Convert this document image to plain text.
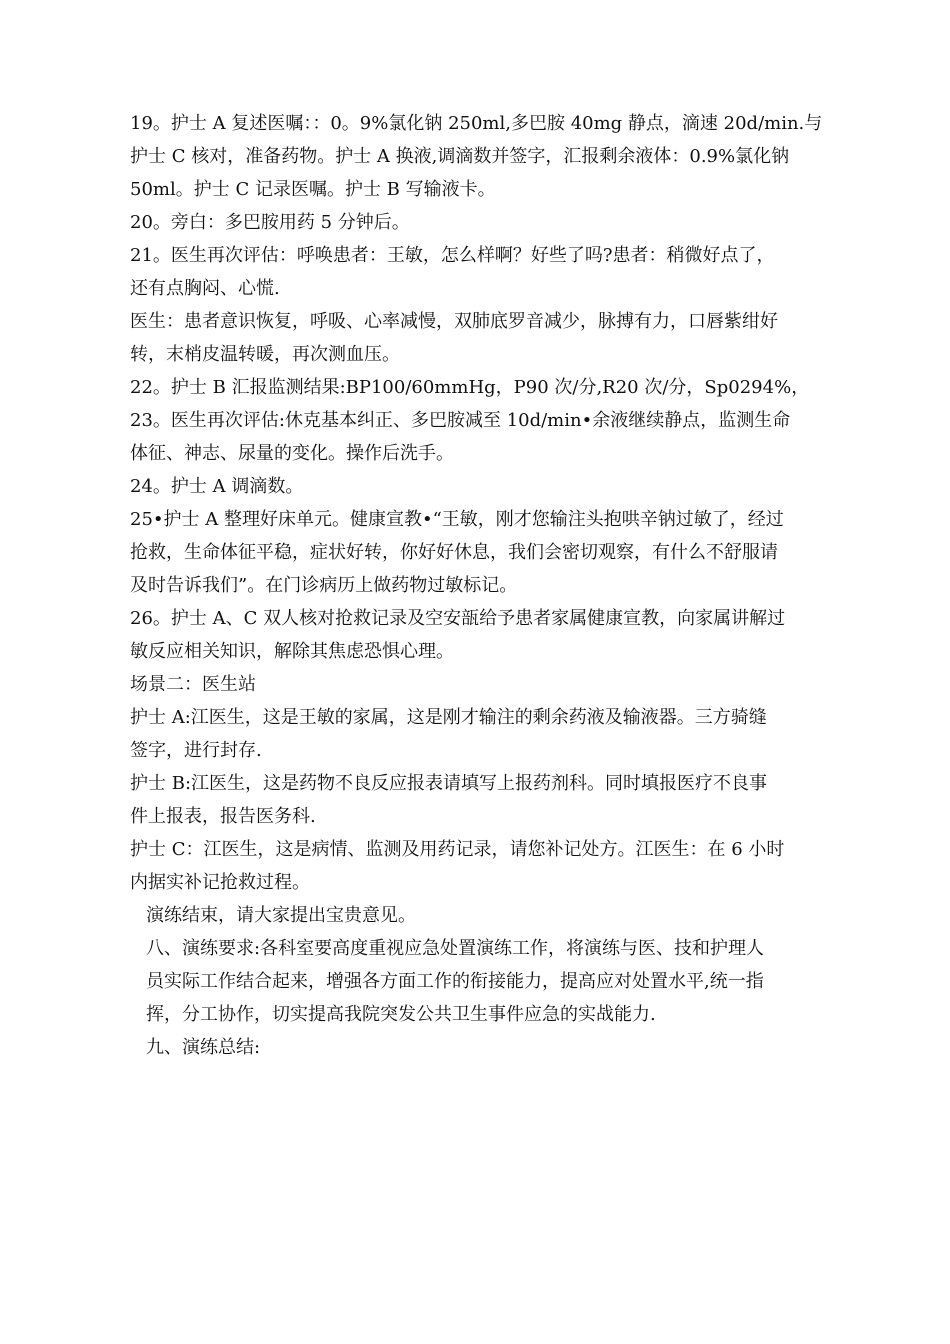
19。护士 A 复述医嘱：：0。9%氯化钠 250ml,多巴胺 40mg 静点，滴速 20d/min.与
护士 C 核对，准备药物。护士 A 换液,调滴数并签字，汇报剩余液体：0.9%氯化钠
50ml。护士 C 记录医嘱。护士 B 写输液卡。
20。旁白：多巴胺用药 5 分钟后。
21。医生再次评估：呼唤患者：王敏，怎么样啊？好些了吗?患者：稍微好点了，
还有点胸闷、心慌.
医生：患者意识恢复，呼吸、心率减慢，双肺底罗音减少，脉搏有力，口唇紫绀好
转，末梢皮温转暖，再次测血压。
22。护士 B 汇报监测结果:BP100/60mmHg，P90 次/分,R20 次/分，Sp0294%，
23。医生再次评估:休克基本纠正、多巴胺减至 10d/min•余液继续静点，监测生命
体征、神志、尿量的变化。操作后洗手。
24。护士 A 调滴数。
25•护士 A 整理好床单元。健康宣教•“王敏，刚才您输注头抱哄辛钠过敏了，经过
抢救，生命体征平稳，症状好转，你好好休息，我们会密切观察，有什么不舒服请
及时告诉我们”。在门诊病历上做药物过敏标记。
26。护士 A、C 双人核对抢救记录及空安瓿给予患者家属健康宣教，向家属讲解过
敏反应相关知识，解除其焦虑恐惧心理。
场景二：医生站
护士 A:江医生，这是王敏的家属，这是刚才输注的剩余药液及输液器。三方骑缝
签字，进行封存.
护士 B:江医生，这是药物不良反应报表请填写上报药剂科。同时填报医疗不良事
件上报表，报告医务科.
护士 C：江医生，这是病情、监测及用药记录，请您补记处方。江医生：在 6 小时
内据实补记抢救过程。
演练结束，请大家提出宝贵意见。
八、演练要求:各科室要高度重视应急处置演练工作，将演练与医、技和护理人
员实际工作结合起来，增强各方面工作的衔接能力，提高应对处置水平,统一指
挥，分工协作，切实提高我院突发公共卫生事件应急的实战能力.
九、演练总结:
